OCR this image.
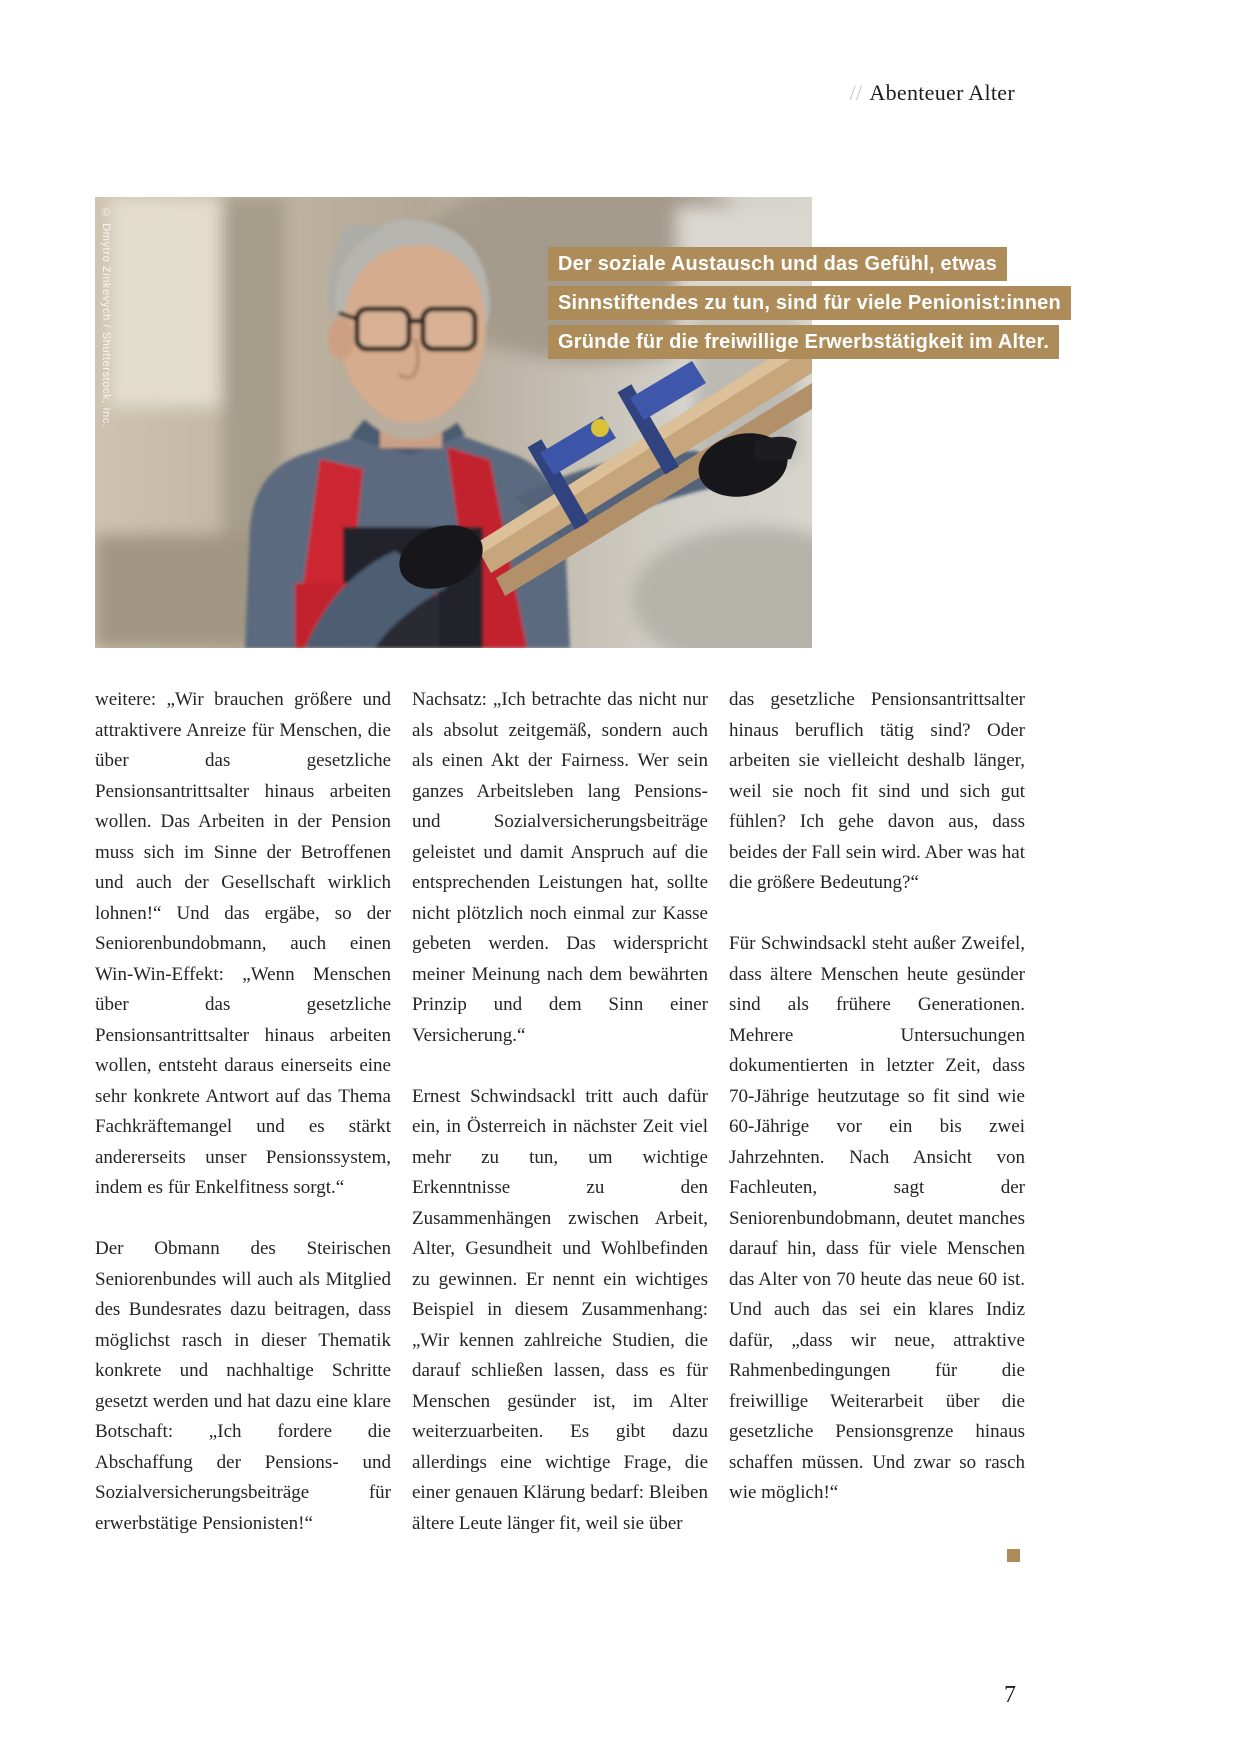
// Abenteuer Alter
© Dmytro Zinkevych / Shutterstock, Inc.	Der soziale Austausch und das Gefühl, etwas
Sinnstiftendes zu tun, sind für viele Penionist:innen
Gründe für die freiwillige Erwerbstätigkeit im Alter.

weitere: „Wir brauchen größere und attraktivere Anreize für Menschen, die über das gesetzliche Pensionsantrittsalter hinaus arbeiten wollen. Das Arbeiten in der Pension muss sich im Sinne der Betroffenen und auch der Gesellschaft wirklich lohnen!“ Und das ergäbe, so der Seniorenbundobmann, auch einen Win-Win-Effekt: „Wenn Menschen über das gesetzliche Pensionsantrittsalter hinaus arbeiten wollen, entsteht daraus einerseits eine sehr konkrete Antwort auf das Thema Fachkräftemangel und es stärkt andererseits unser Pensionssystem, indem es für Enkelfitness sorgt.“

Der Obmann des Steirischen Seniorenbundes will auch als Mitglied des Bundesrates dazu beitragen, dass möglichst rasch in dieser Thematik konkrete und nachhaltige Schritte gesetzt werden und hat dazu eine klare Botschaft: „Ich fordere die Abschaffung der Pensions- und Sozialversicherungsbeiträge für erwerbstätige Pensionisten!“

Nachsatz: „Ich betrachte das nicht nur als absolut zeitgemäß, sondern auch als einen Akt der Fairness. Wer sein ganzes Arbeitsleben lang Pensions- und Sozialversicherungsbeiträge geleistet und damit Anspruch auf die entsprechenden Leistungen hat, sollte nicht plötzlich noch einmal zur Kasse gebeten werden. Das widerspricht meiner Meinung nach dem bewährten Prinzip und dem Sinn einer Versicherung.“

Ernest Schwindsackl tritt auch dafür ein, in Österreich in nächster Zeit viel mehr zu tun, um wichtige Erkenntnisse zu den Zusammenhängen zwischen Arbeit, Alter, Gesundheit und Wohlbefinden zu gewinnen. Er nennt ein wichtiges Beispiel in diesem Zusammenhang: „Wir kennen zahlreiche Studien, die darauf schließen lassen, dass es für Menschen gesünder ist, im Alter weiterzuarbeiten. Es gibt dazu allerdings eine wichtige Frage, die einer genauen Klärung bedarf: Bleiben ältere Leute länger fit, weil sie über

das gesetzliche Pensionsantrittsalter hinaus beruflich tätig sind? Oder arbeiten sie vielleicht deshalb länger, weil sie noch fit sind und sich gut fühlen? Ich gehe davon aus, dass beides der Fall sein wird. Aber was hat die größere Bedeutung?“

Für Schwindsackl steht außer Zweifel, dass ältere Menschen heute gesünder sind als frühere Generationen. Mehrere Untersuchungen dokumentierten in letzter Zeit, dass 70-Jährige heutzutage so fit sind wie 60-Jährige vor ein bis zwei Jahrzehnten. Nach Ansicht von Fachleuten, sagt der Seniorenbundobmann, deutet manches darauf hin, dass für viele Menschen das Alter von 70 heute das neue 60 ist. Und auch das sei ein klares Indiz dafür, „dass wir neue, attraktive Rahmenbedingungen für die freiwillige Weiterarbeit über die gesetzliche Pensionsgrenze hinaus schaffen müssen. Und zwar so rasch wie möglich!“

7
